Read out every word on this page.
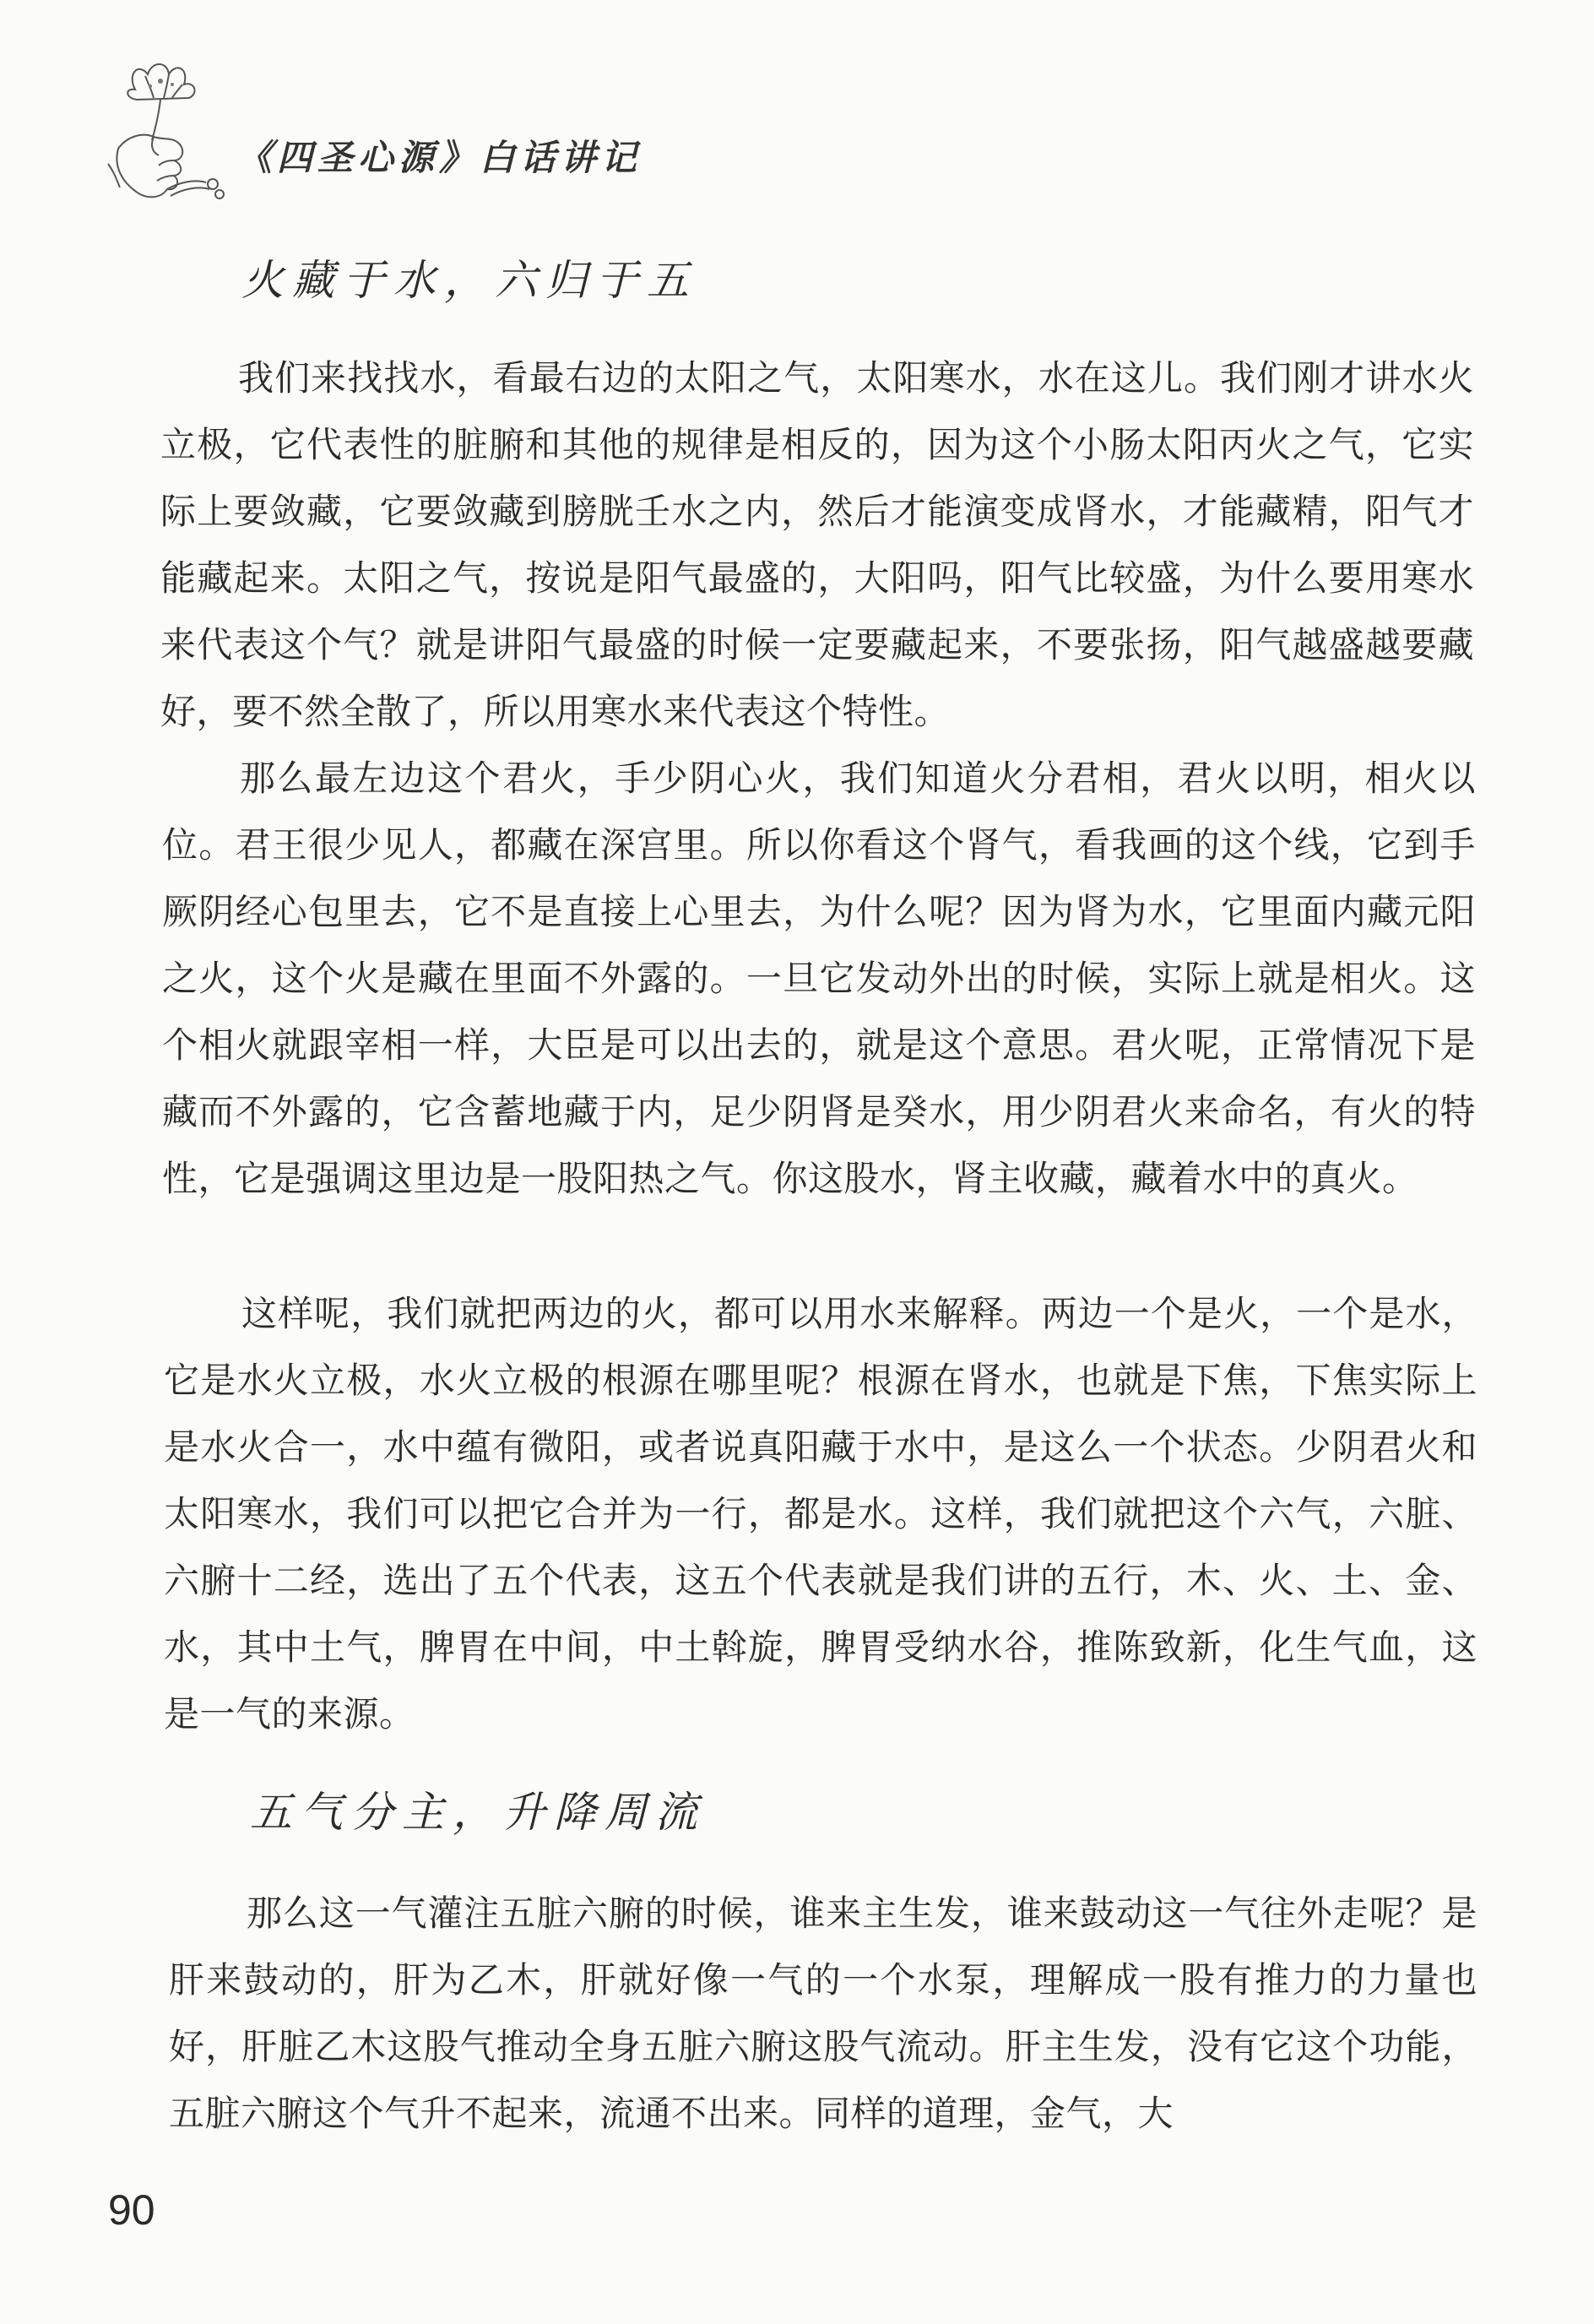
《四圣心源》白话讲记
火藏于水，六归于五

我们来找找水，看最右边的太阳之气，太阳寒水，水在这儿。我们刚才讲水火立极，它代表性的脏腑和其他的规律是相反的，因为这个小肠太阳丙火之气，它实际上要敛藏，它要敛藏到膀胱壬水之内，然后才能演变成肾水，才能藏精，阳气才能藏起来。太阳之气，按说是阳气最盛的，大阳吗，阳气比较盛，为什么要用寒水来代表这个气？就是讲阳气最盛的时候一定要藏起来，不要张扬，阳气越盛越要藏好，要不然全散了，所以用寒水来代表这个特性。

那么最左边这个君火，手少阴心火，我们知道火分君相，君火以明，相火以位。君王很少见人，都藏在深宫里。所以你看这个肾气，看我画的这个线，它到手厥阴经心包里去，它不是直接上心里去，为什么呢？因为肾为水，它里面内藏元阳之火，这个火是藏在里面不外露的。一旦它发动外出的时候，实际上就是相火。这个相火就跟宰相一样，大臣是可以出去的，就是这个意思。君火呢，正常情况下是藏而不外露的，它含蓄地藏于内，足少阴肾是癸水，用少阴君火来命名，有火的特性，它是强调这里边是一股阳热之气。你这股水，肾主收藏，藏着水中的真火。

这样呢，我们就把两边的火，都可以用水来解释。两边一个是火，一个是水，它是水火立极，水火立极的根源在哪里呢？根源在肾水，也就是下焦，下焦实际上是水火合一，水中蕴有微阳，或者说真阳藏于水中，是这么一个状态。少阴君火和太阳寒水，我们可以把它合并为一行，都是水。这样，我们就把这个六气，六脏、六腑十二经，选出了五个代表，这五个代表就是我们讲的五行，木、火、土、金、水，其中土气，脾胃在中间，中土斡旋，脾胃受纳水谷，推陈致新，化生气血，这是一气的来源。

五气分主，升降周流

那么这一气灌注五脏六腑的时候，谁来主生发，谁来鼓动这一气往外走呢？是肝来鼓动的，肝为乙木，肝就好像一气的一个水泵，理解成一股有推力的力量也好，肝脏乙木这股气推动全身五脏六腑这股气流动。肝主生发，没有它这个功能，五脏六腑这个气升不起来，流通不出来。同样的道理，金气，大

90
